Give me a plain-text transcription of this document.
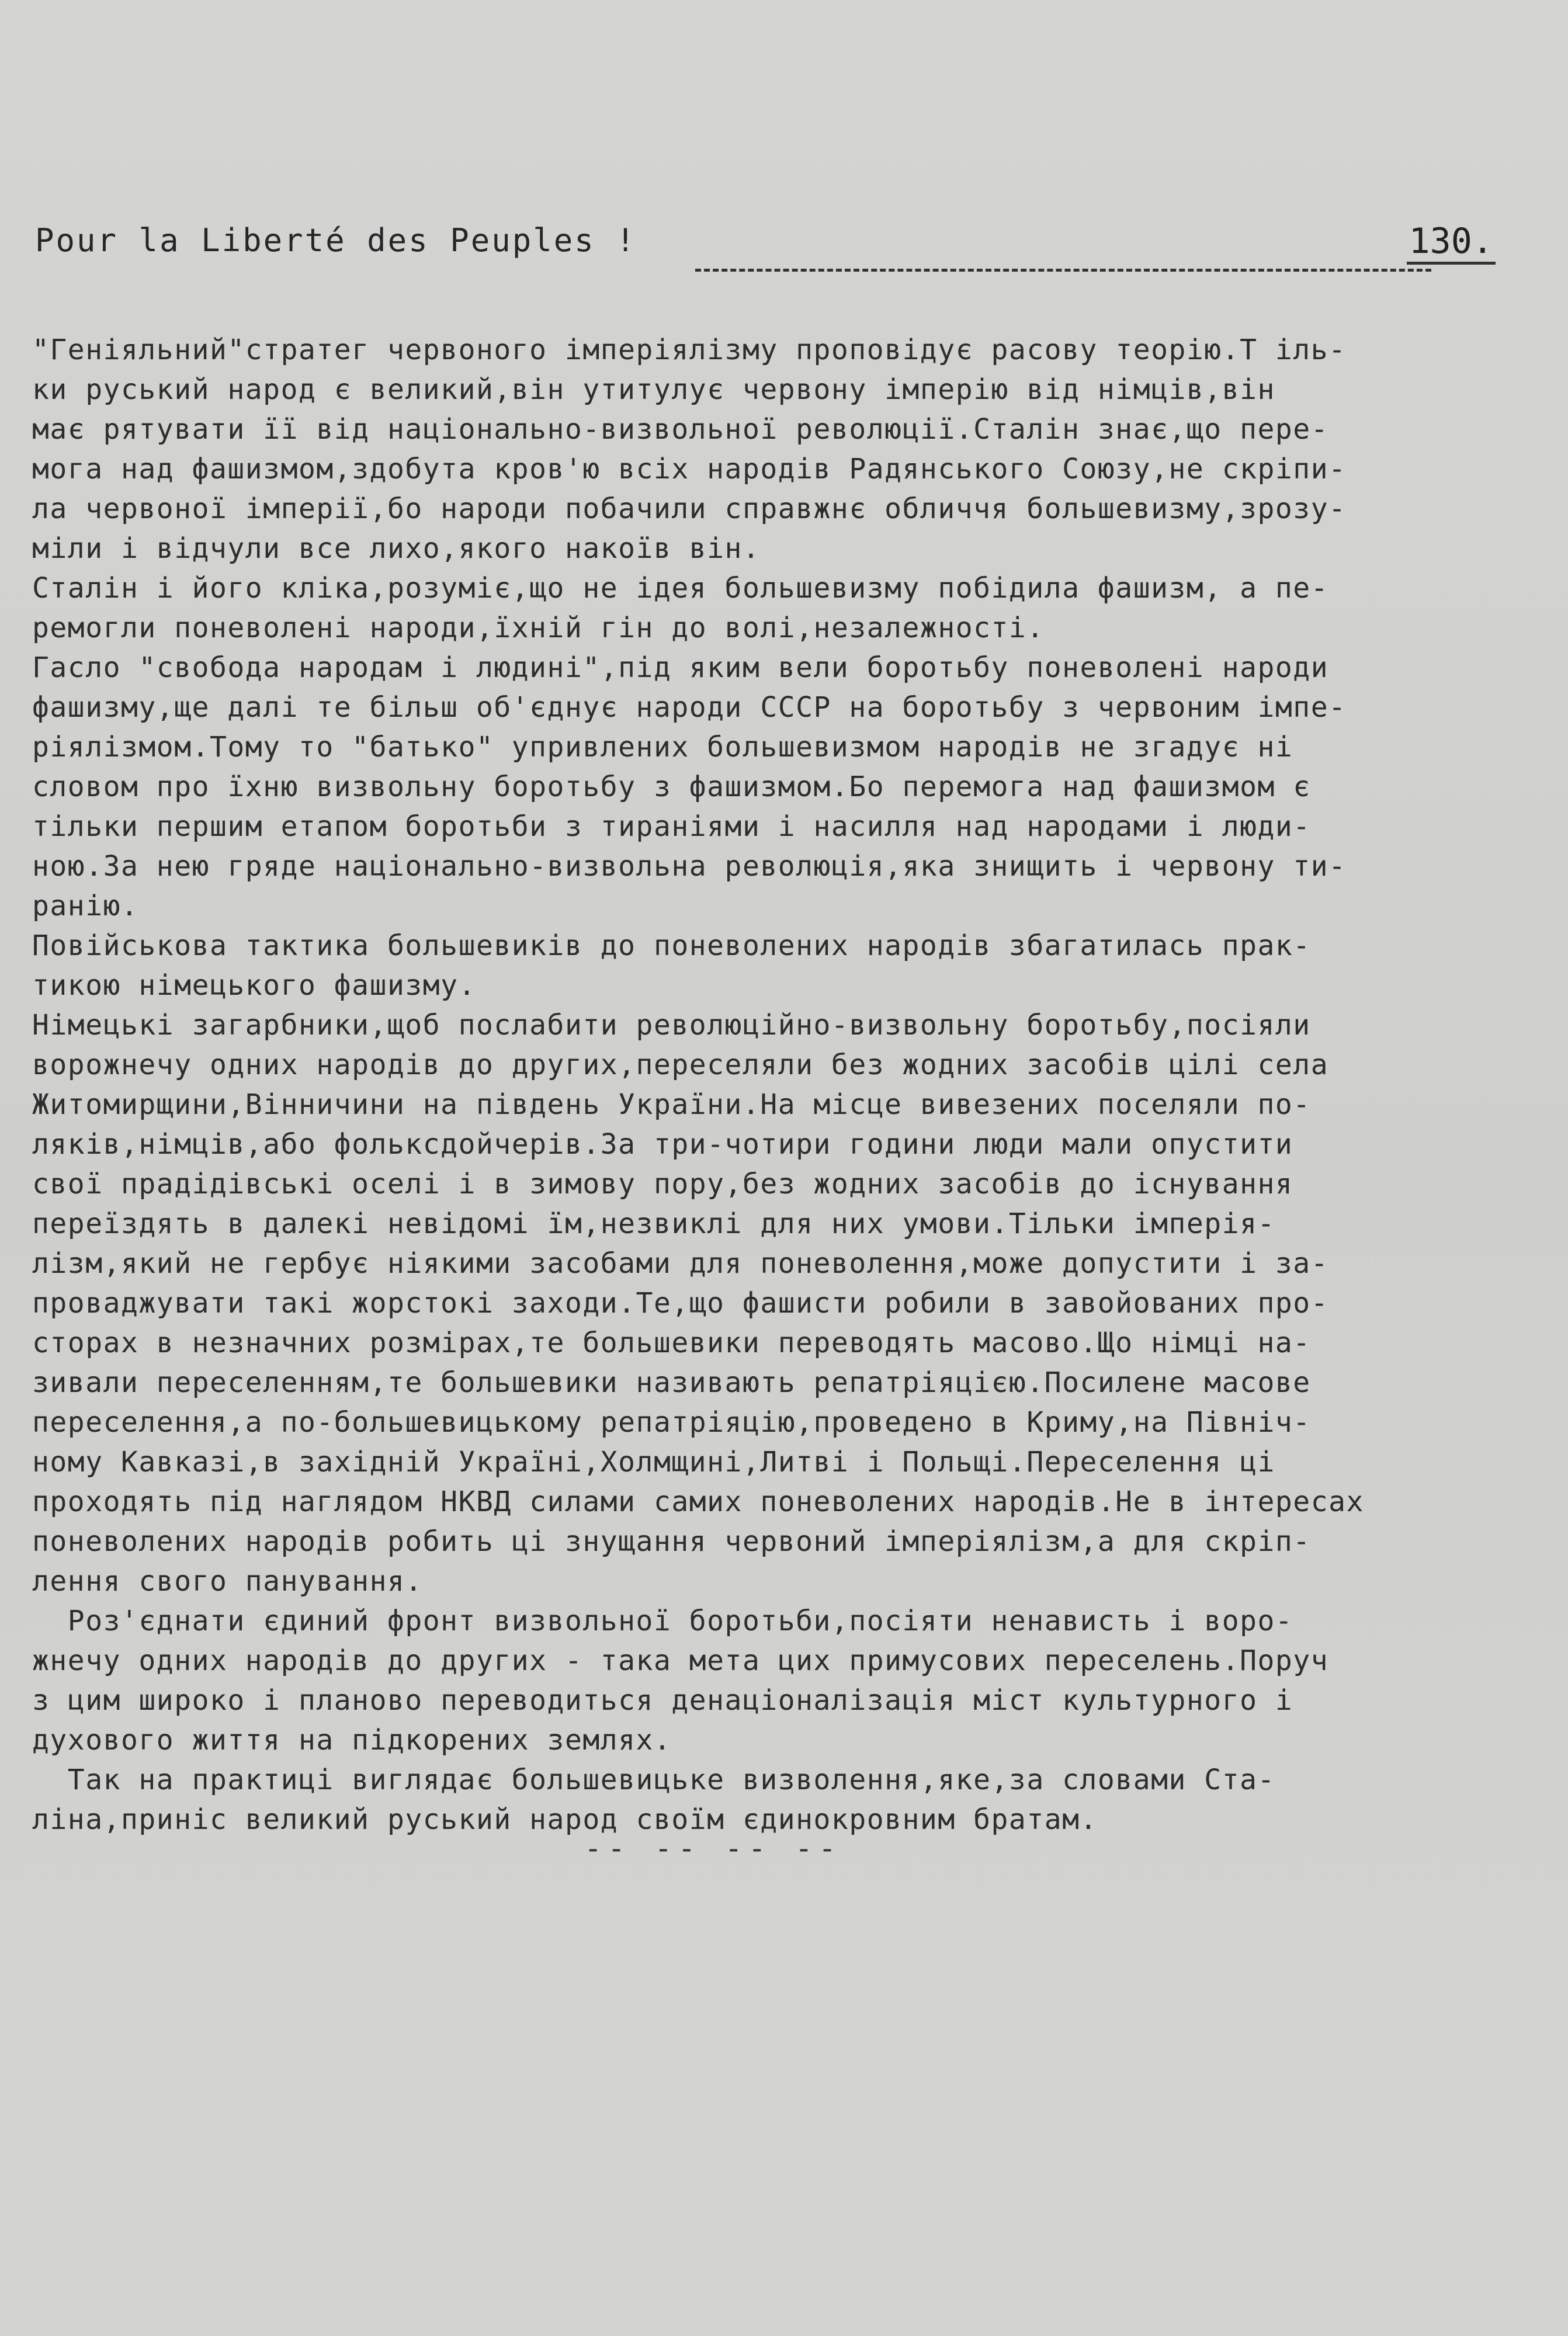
Pour la Liberté des Peuples !	130.
"Геніяльний"стратег червоного імперіялізму проповідує расову теорію.Т іль-
ки руський народ є великий,він утитулує червону імперію від німців,він
має рятувати її від національно-визвольної революції.Сталін знає,що пере-
мога над фашизмом,здобута кров'ю всіх народів Радянського Союзу,не скріпи-
ла червоної імперії,бо народи побачили справжнє обличчя большевизму,зрозу-
міли і відчули все лихо,якого накоїв він.
Сталін і його кліка,розуміє,що не ідея большевизму побідила фашизм, а пе-
ремогли поневолені народи,їхній гін до волі,незалежності.
Гасло "свобода народам і людині",під яким вели боротьбу поневолені народи
фашизму,ще далі те більш об'єднує народи СССР на боротьбу з червоним імпе-
ріялізмом.Тому то "батько" упривлених большевизмом народів не згадує ні
словом про їхню визвольну боротьбу з фашизмом.Бо перемога над фашизмом є
тільки першим етапом боротьби з тираніями і насилля над народами і люди-
ною.За нею гряде національно-визвольна революція,яка знищить і червону ти-
ранію.
Повійськова тактика большевиків до поневолених народів збагатилась прак-
тикою німецького фашизму.
Німецькі загарбники,щоб послабити революційно-визвольну боротьбу,посіяли
ворожнечу одних народів до других,переселяли без жодних засобів цілі села
Житомирщини,Вінничини на південь України.На місце вивезених поселяли по-
ляків,німців,або фольксдойчерів.За три-чотири години люди мали опустити
свої прадідівські оселі і в зимову пору,без жодних засобів до існування
переїздять в далекі невідомі їм,незвиклі для них умови.Тільки імперія-
лізм,який не гербує ніякими засобами для поневолення,може допустити і за-
проваджувати такі жорстокі заходи.Те,що фашисти робили в завойованих про-
сторах в незначних розмірах,те большевики переводять масово.Що німці на-
зивали переселенням,те большевики називають репатріяцією.Посилене масове
переселення,а по-большевицькому репатріяцію,проведено в Криму,на Північ-
ному Кавказі,в західній Україні,Холмщині,Литві і Польщі.Переселення ці
проходять під наглядом НКВД силами самих поневолених народів.Не в інтересах
поневолених народів робить ці знущання червоний імперіялізм,а для скріп-
лення свого панування.
Роз'єднати єдиний фронт визвольної боротьби,посіяти ненависть і воро-
жнечу одних народів до других - така мета цих примусових переселень.Поруч
з цим широко і планово переводиться денаціоналізація міст культурного і
духового життя на підкорених землях.
Так на практиці виглядає большевицьке визволення,яке,за словами Ста-
ліна,приніс великий руський народ своїм єдинокровним братам.
-- -- -- --
